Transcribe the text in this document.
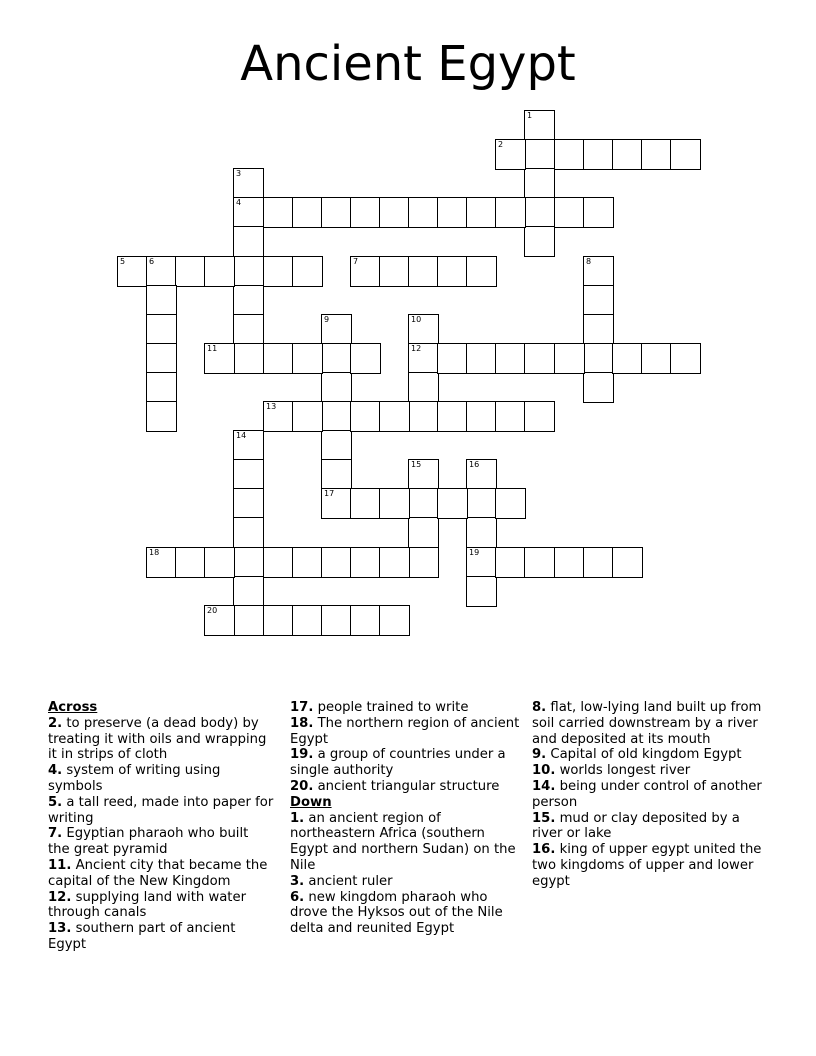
Ancient Egypt
1
2
3
4
5	6	7	8
9
17
10
12
11
13
14
15	16
19
18
20
Across
2. to preserve (a dead body) by treating it with oils and wrapping it in strips of cloth
4. system of writing using symbols
5. a tall reed, made into paper for writing
7. Egyptian pharaoh who built the great pyramid
11. Ancient city that became the capital of the New Kingdom
12. supplying land with water through canals
13. southern part of ancient Egypt
17. people trained to write
18. The northern region of ancient Egypt
19. a group of countries under a single authority
20. ancient triangular structure
Down
1. an ancient region of northeastern Africa (southern Egypt and northern Sudan) on the Nile
3. ancient ruler
6. new kingdom pharaoh who drove the Hyksos out of the Nile delta and reunited Egypt
8. flat, low-lying land built up from soil carried downstream by a river and deposited at its mouth
9. Capital of old kingdom Egypt
10. worlds longest river
14. being under control of another person
15. mud or clay deposited by a river or lake
16. king of upper egypt united the two kingdoms of upper and lower egypt
